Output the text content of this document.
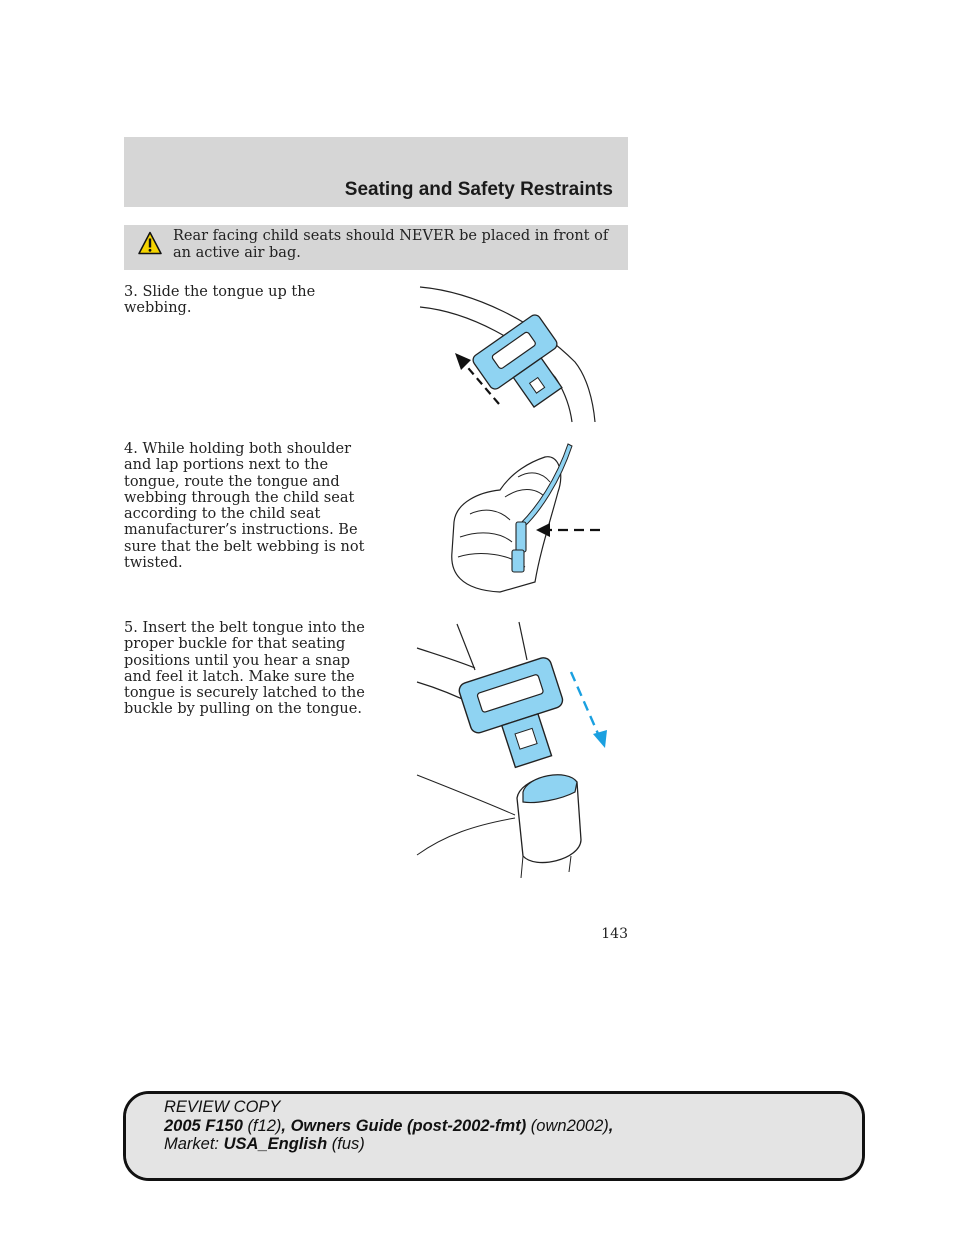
Seating and Safety Restraints
Rear facing child seats should NEVER be placed in front of an active air bag.
3. Slide the tongue up the webbing.
4. While holding both shoulder and lap portions next to the tongue, route the tongue and webbing through the child seat according to the child seat manufacturer’s instructions. Be sure that the belt webbing is not twisted.
5. Insert the belt tongue into the proper buckle for that seating positions until you hear a snap and feel it latch. Make sure the tongue is securely latched to the buckle by pulling on the tongue.
143
REVIEW COPY
2005 F150 (f12), Owners Guide (post-2002-fmt) (own2002),
Market: USA_English (fus)
